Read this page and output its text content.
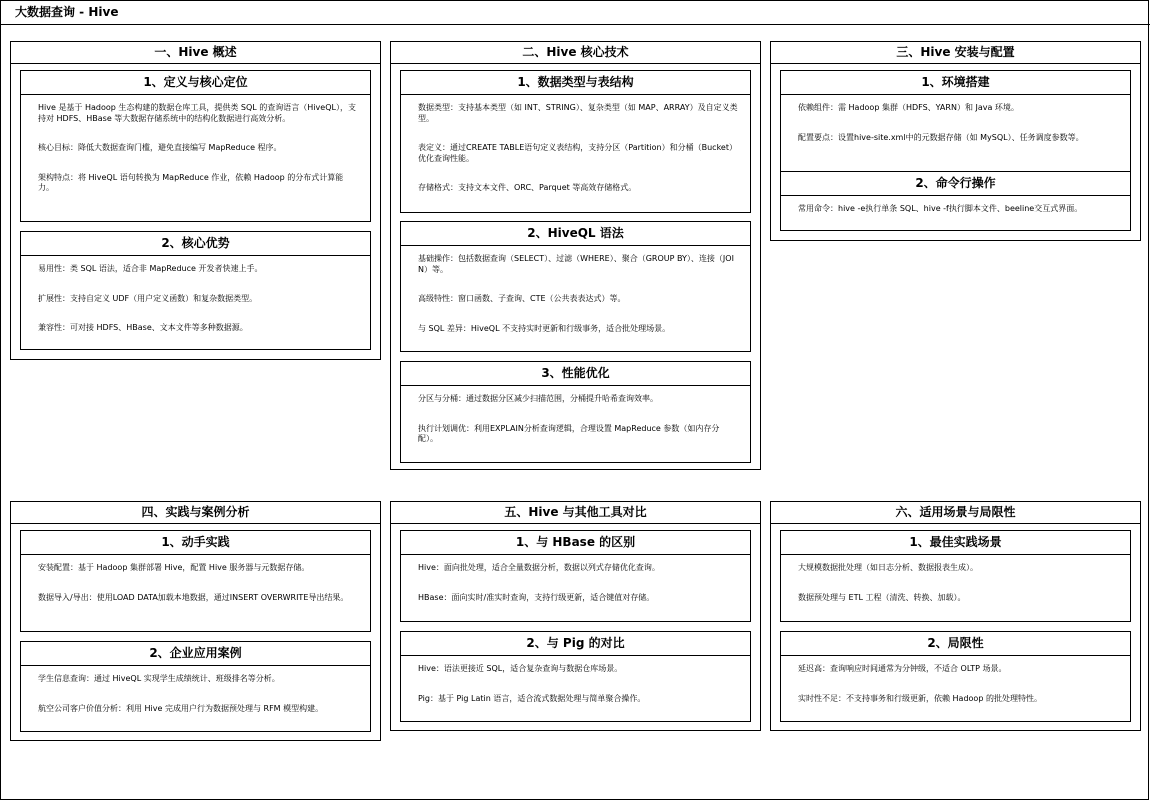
大数据查询 - Hive
一、Hive 概述
1、定义与核心定位
Hive 是基于 Hadoop 生态构建的数据仓库工具，提供类 SQL 的查询语言（HiveQL），支持对 HDFS、HBase 等大数据存储系统中的结构化数据进行高效分析。
核心目标：降低大数据查询门槛，避免直接编写 MapReduce 程序。
架构特点：将 HiveQL 语句转换为 MapReduce 作业，依赖 Hadoop 的分布式计算能力。
2、核心优势
易用性：类 SQL 语法，适合非 MapReduce 开发者快速上手。
扩展性：支持自定义 UDF（用户定义函数）和复杂数据类型。
兼容性：可对接 HDFS、HBase、文本文件等多种数据源。
二、Hive 核心技术
1、数据类型与表结构
数据类型：支持基本类型（如 INT、STRING）、复杂类型（如 MAP、ARRAY）及自定义类型。
表定义：通过CREATE TABLE语句定义表结构，支持分区（Partition）和分桶（Bucket）优化查询性能。
存储格式：支持文本文件、ORC、Parquet 等高效存储格式。
2、HiveQL 语法
基础操作：包括数据查询（SELECT）、过滤（WHERE）、聚合（GROUP BY）、连接（JOIN）等。
高级特性：窗口函数、子查询、CTE（公共表表达式）等。
与 SQL 差异：HiveQL 不支持实时更新和行级事务，适合批处理场景。
3、性能优化
分区与分桶：通过数据分区减少扫描范围，分桶提升哈希查询效率。
执行计划调优：利用EXPLAIN分析查询逻辑，合理设置 MapReduce 参数（如内存分配）。
三、Hive 安装与配置
1、环境搭建
依赖组件：需 Hadoop 集群（HDFS、YARN）和 Java 环境。
配置要点：设置hive-site.xml中的元数据存储（如 MySQL）、任务调度参数等。
2、命令行操作
常用命令：hive -e执行单条 SQL、hive -f执行脚本文件、beeline交互式界面。
四、实践与案例分析
1、动手实践
安装配置：基于 Hadoop 集群部署 Hive，配置 Hive 服务器与元数据存储。
数据导入/导出：使用LOAD DATA加载本地数据，通过INSERT OVERWRITE导出结果。
2、企业应用案例
学生信息查询：通过 HiveQL 实现学生成绩统计、班级排名等分析。
航空公司客户价值分析：利用 Hive 完成用户行为数据预处理与 RFM 模型构建。
五、Hive 与其他工具对比
1、与 HBase 的区别
Hive：面向批处理，适合全量数据分析，数据以列式存储优化查询。
HBase：面向实时/准实时查询，支持行级更新，适合键值对存储。
2、与 Pig 的对比
Hive：语法更接近 SQL，适合复杂查询与数据仓库场景。
Pig：基于 Pig Latin 语言，适合流式数据处理与简单聚合操作。
六、适用场景与局限性
1、最佳实践场景
大规模数据批处理（如日志分析、数据报表生成）。
数据预处理与 ETL 工程（清洗、转换、加载）。
2、局限性
延迟高：查询响应时间通常为分钟级，不适合 OLTP 场景。
实时性不足：不支持事务和行级更新，依赖 Hadoop 的批处理特性。
